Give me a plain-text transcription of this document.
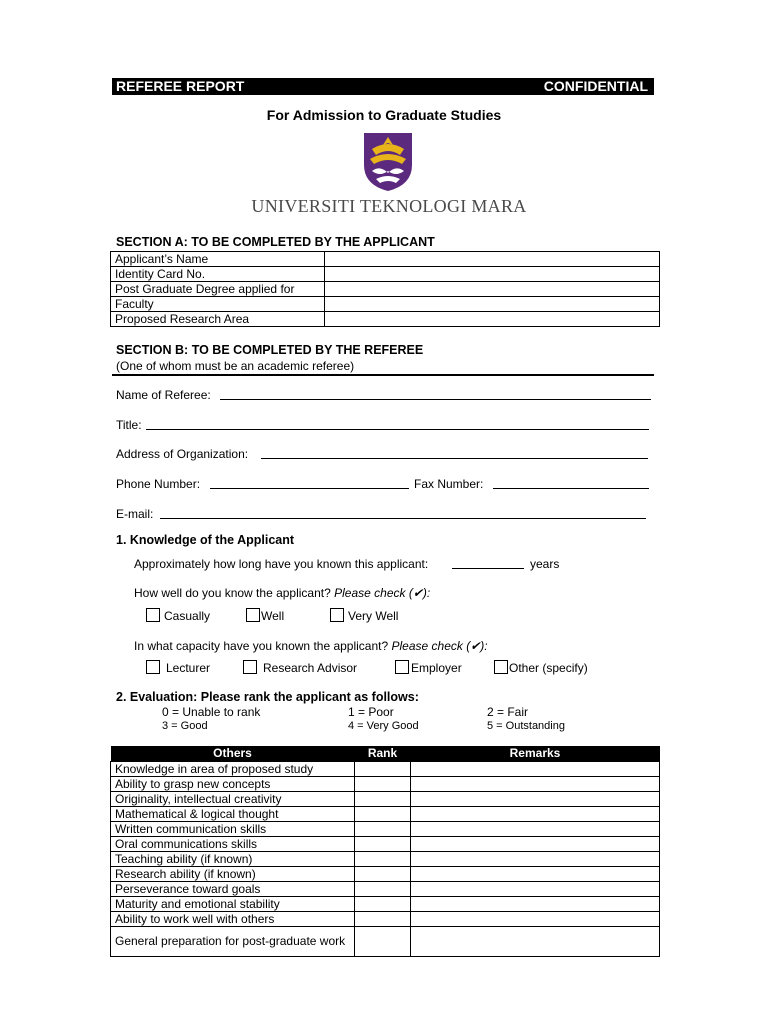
REFEREE REPORT	CONFIDENTIAL
For Admission to Graduate Studies
UNIVERSITI TEKNOLOGI MARA
SECTION A: TO BE COMPLETED BY THE APPLICANT
Applicant’s Name	
Identity Card No.	
Post Graduate Degree applied for	
Faculty	
Proposed Research Area	
SECTION B: TO BE COMPLETED BY THE REFEREE
(One of whom must be an academic referee)
Name of Referee:
Title:
Address of Organization:
Phone Number:	Fax Number:
E-mail:
1. Knowledge of the Applicant
Approximately how long have you known this applicant:	years
How well do you know the applicant? Please check (✔):
Casually	Well	Very Well
In what capacity have you known the applicant? Please check (✔):
Lecturer	Research Advisor	Employer	Other (specify)
2. Evaluation: Please rank the applicant as follows:
0 = Unable to rank	1 = Poor	2 = Fair
3 = Good	4 = Very Good	5 = Outstanding
Others	Rank	Remarks
Knowledge in area of proposed study		
Ability to grasp new concepts		
Originality, intellectual creativity		
Mathematical & logical thought		
Written communication skills		
Oral communications skills		
Teaching ability (if known)		
Research ability (if known)		
Perseverance toward goals		
Maturity and emotional stability		
Ability to work well with others		
General preparation for post-graduate work		
